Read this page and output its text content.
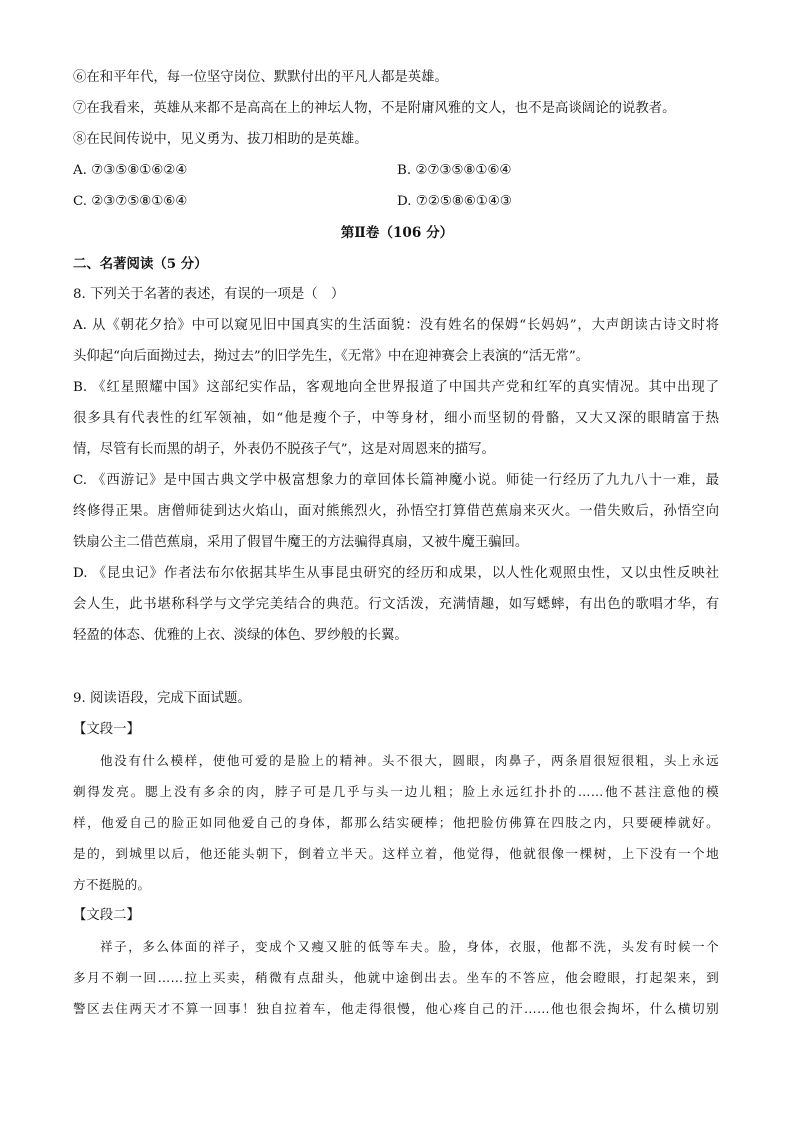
⑥在和平年代，每一位坚守岗位、默默付出的平凡人都是英雄。
⑦在我看来，英雄从来都不是高高在上的神坛人物，不是附庸风雅的文人，也不是高谈阔论的说教者。
⑧在民间传说中，见义勇为、拔刀相助的是英雄。
A. ⑦③⑤⑧①⑥②④	B. ②⑦③⑤⑧①⑥④
C. ②③⑦⑤⑧①⑥④	D. ⑦②⑤⑧⑥①④③
第Ⅱ卷（106 分）
二、名著阅读（5 分）
8. 下列关于名著的表述，有误的一项是（　）
A. 从《朝花夕拾》中可以窥见旧中国真实的生活面貌：没有姓名的保姆“长妈妈”，大声朗读古诗文时将
头仰起“向后面拗过去，拗过去”的旧学先生，《无常》中在迎神赛会上表演的“活无常”。
B. 《红星照耀中国》这部纪实作品，客观地向全世界报道了中国共产党和红军的真实情况。其中出现了
很多具有代表性的红军领袖，如“他是瘦个子，中等身材，细小而坚韧的骨骼，又大又深的眼睛富于热
情，尽管有长而黑的胡子，外表仍不脱孩子气”，这是对周恩来的描写。
C. 《西游记》是中国古典文学中极富想象力的章回体长篇神魔小说。师徒一行经历了九九八十一难，最
终修得正果。唐僧师徒到达火焰山，面对熊熊烈火，孙悟空打算借芭蕉扇来灭火。一借失败后，孙悟空向
铁扇公主二借芭蕉扇，采用了假冒牛魔王的方法骗得真扇，又被牛魔王骗回。
D. 《昆虫记》作者法布尔依据其毕生从事昆虫研究的经历和成果，以人性化观照虫性，又以虫性反映社
会人生，此书堪称科学与文学完美结合的典范。行文活泼，充满情趣，如写蟋蟀，有出色的歌唱才华，有
轻盈的体态、优雅的上衣、淡绿的体色、罗纱般的长翼。
9. 阅读语段，完成下面试题。
【文段一】
他没有什么模样，使他可爱的是脸上的精神。头不很大，圆眼，肉鼻子，两条眉很短很粗，头上永远
剃得发亮。腮上没有多余的肉，脖子可是几乎与头一边儿粗；脸上永远红扑扑的……他不甚注意他的模
样，他爱自己的脸正如同他爱自己的身体，都那么结实硬棒；他把脸仿佛算在四肢之内，只要硬棒就好。
是的，到城里以后，他还能头朝下，倒着立半天。这样立着，他觉得，他就很像一棵树，上下没有一个地
方不挺脱的。
【文段二】
祥子，多么体面的祥子，变成个又瘦又脏的低等车夫。脸，身体，衣服，他都不洗，头发有时候一个
多月不剃一回……拉上买卖，稍微有点甜头，他就中途倒出去。坐车的不答应，他会瞪眼，打起架来，到
警区去住两天才不算一回事！独自拉着车，他走得很慢，他心疼自己的汗……他也很会掏坏，什么横切别
